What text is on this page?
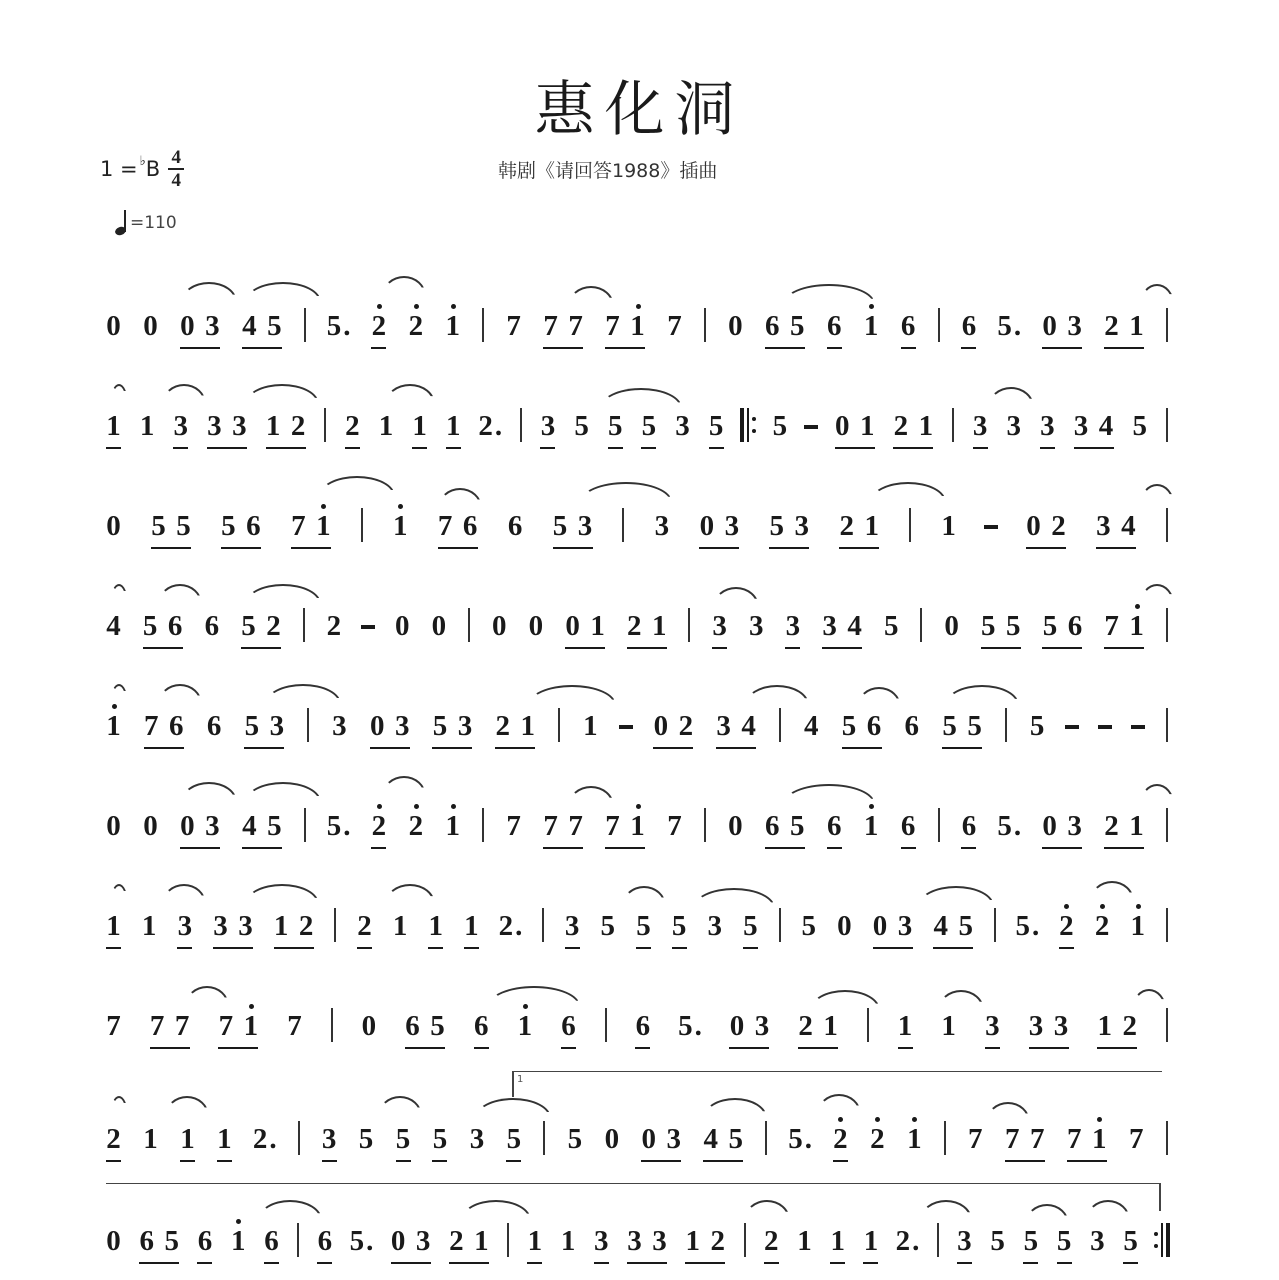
惠化洞
1 = ♭ B 4
4	韩剧《请回答1988》插曲
=110
0 0 0 3 4 5 5. 2 2 1 7 7 7 7 1 7 0 6 5 6 1 6 6 5. 0 3 2 1
1 1 3 3 3 1 2 2 1 1 1 2. 3 5 5 5 3 5 5 0 1 2 1 3 3 3 3 4 5
0 5 5 5 6 7 1 1 7 6 6 5 3 3 0 3 5 3 2 1 1 0 2 3 4
4 5 6 6 5 2 2 0 0 0 0 0 1 2 1 3 3 3 3 4 5 0 5 5 5 6 7 1
1 7 6 6 5 3 3 0 3 5 3 2 1 1 0 2 3 4 4 5 6 6 5 5 5
0 0 0 3 4 5 5. 2 2 1 7 7 7 7 1 7 0 6 5 6 1 6 6 5. 0 3 2 1
1 1 3 3 3 1 2 2 1 1 1 2. 3 5 5 5 3 5 5 0 0 3 4 5 5. 2 2 1
7 7 7 7 1 7 0 6 5 6 1 6 6 5. 0 3 2 1 1 1 3 3 3 1 2
2 1 1 1 2. 3 5 5 5 3 5 5 0 0 3 4 5 5. 2 2 1 7 7 7 7 1 7
0 6 5 6 1 6 6 5. 0 3 2 1 1 1 3 3 3 1 2 2 1 1 1 2. 3 5 5 5 3 5
1
